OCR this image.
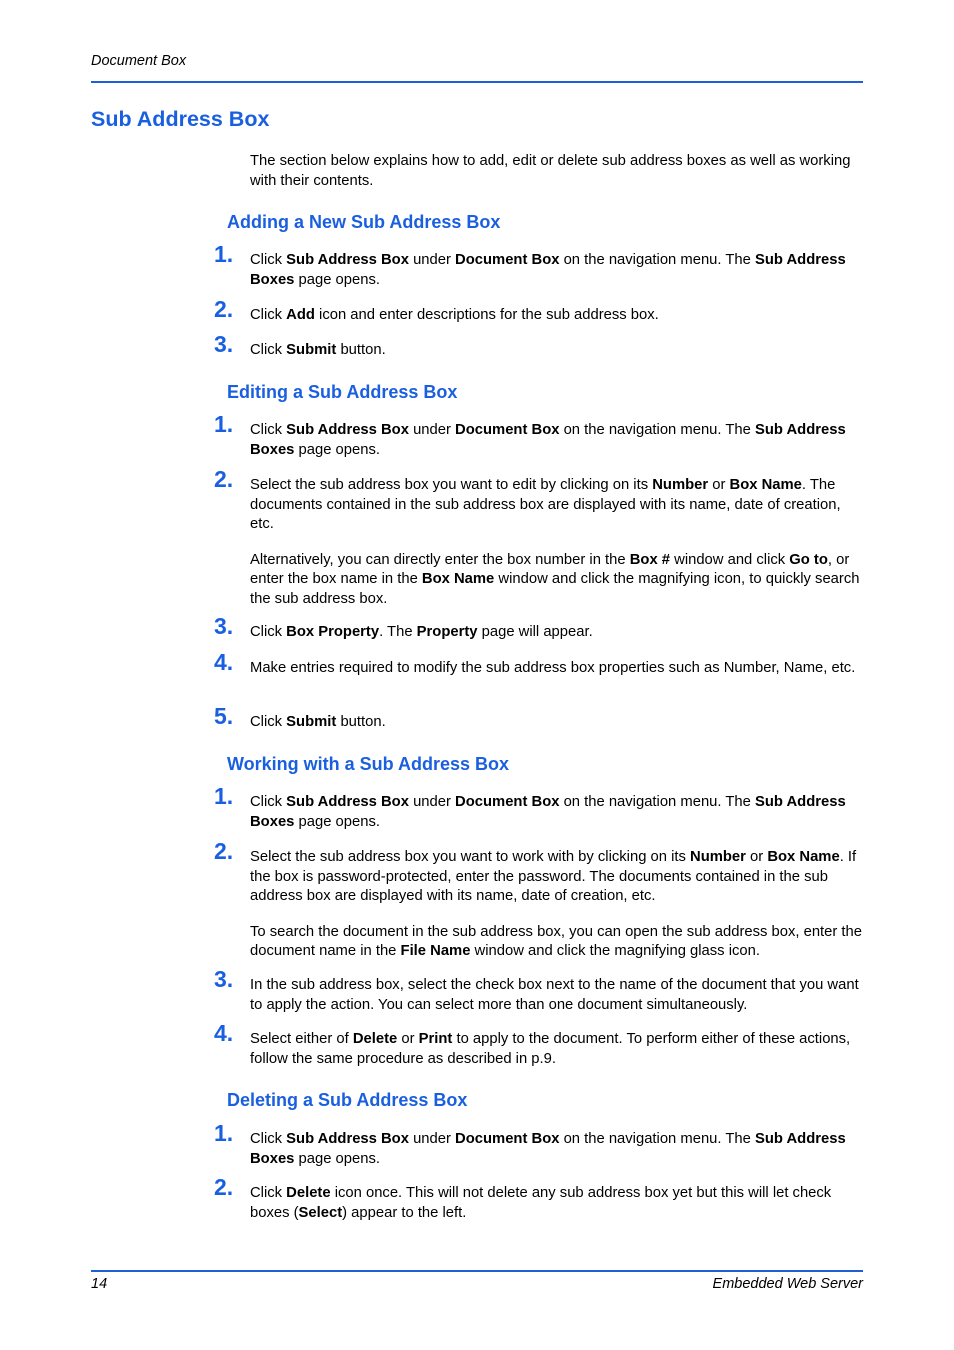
Document Box
Sub Address Box
The section below explains how to add, edit or delete sub address boxes as well as working with their contents.
Adding a New Sub Address Box
1. Click Sub Address Box under Document Box on the navigation menu. The Sub Address Boxes page opens.

2. Click Add icon and enter descriptions for the sub address box.

3. Click Submit button.

Editing a Sub Address Box
1. Click Sub Address Box under Document Box on the navigation menu. The Sub Address Boxes page opens.

2. Select the sub address box you want to edit by clicking on its Number or Box Name. The documents contained in the sub address box are displayed with its name, date of creation, etc.

Alternatively, you can directly enter the box number in the Box # window and click Go to, or enter the box name in the Box Name window and click the magnifying icon, to quickly search the sub address box.

3. Click Box Property. The Property page will appear.

4. Make entries required to modify the sub address box properties such as Number, Name, etc.

5. Click Submit button.

Working with a Sub Address Box
1. Click Sub Address Box under Document Box on the navigation menu. The Sub Address Boxes page opens.

2. Select the sub address box you want to work with by clicking on its Number or Box Name. If the box is password-protected, enter the password. The documents contained in the sub address box are displayed with its name, date of creation, etc.

To search the document in the sub address box, you can open the sub address box, enter the document name in the File Name window and click the magnifying glass icon.

3. In the sub address box, select the check box next to the name of the document that you want to apply the action. You can select more than one document simultaneously.

4. Select either of Delete or Print to apply to the document. To perform either of these actions, follow the same procedure as described in p.9.

Deleting a Sub Address Box
1. Click Sub Address Box under Document Box on the navigation menu. The Sub Address Boxes page opens.

2. Click Delete icon once. This will not delete any sub address box yet but this will let check boxes (Select) appear to the left.

14	Embedded Web Server
